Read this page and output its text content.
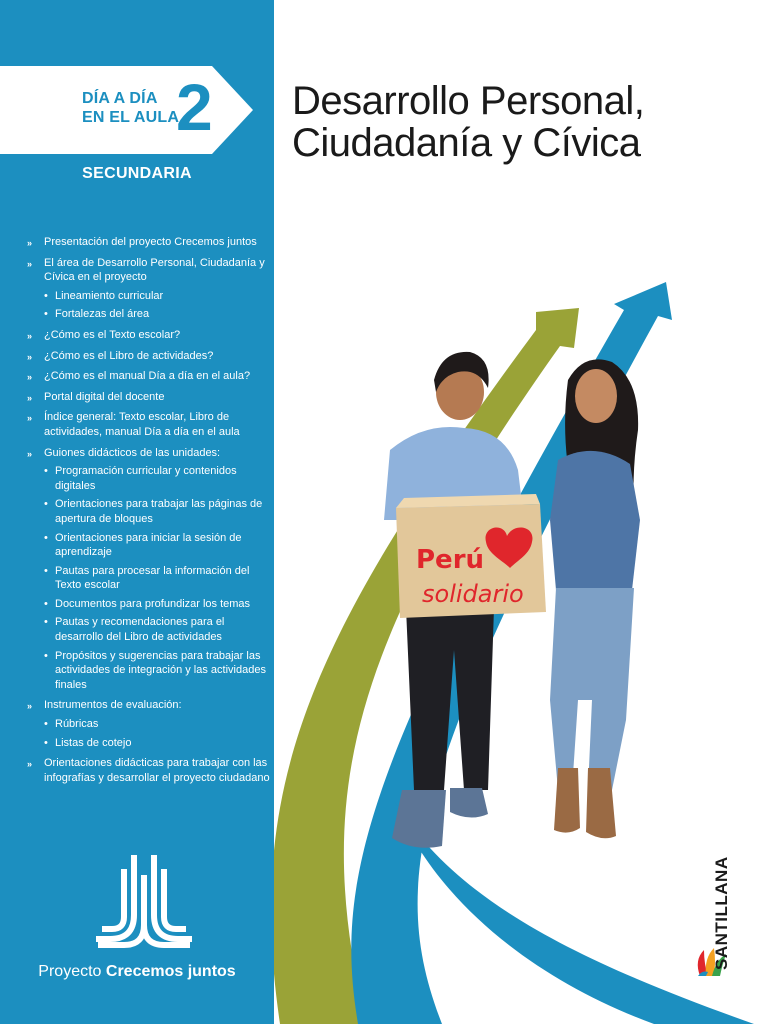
DÍA A DÍA
EN EL AULA
2
SECUNDARIA
» Presentación del proyecto Crecemos juntos
» El área de Desarrollo Personal, Ciudadanía y Cívica en el proyecto
• Lineamiento curricular
• Fortalezas del área
» ¿Cómo es el Texto escolar?
» ¿Cómo es el Libro de actividades?
» ¿Cómo es el manual Día a día en el aula?
» Portal digital del docente
» Índice general: Texto escolar, Libro de actividades, manual Día a día en el aula
» Guiones didácticos de las unidades:
• Programación curricular y contenidos digitales
• Orientaciones para trabajar las páginas de apertura de bloques
• Orientaciones para iniciar la sesión de aprendizaje
• Pautas para procesar la información del Texto escolar
• Documentos para profundizar los temas
• Pautas y recomendaciones para el desarrollo del Libro de actividades
• Propósitos y sugerencias para trabajar las actividades de integración y las actividades finales
» Instrumentos de evaluación:
• Rúbricas
• Listas de cotejo
» Orientaciones didácticas para trabajar con las infografías y desarrollar el proyecto ciudadano
Proyecto Crecemos juntos
Desarrollo Personal,
Ciudadanía y Cívica
Perú
solidario
SANTILLANA
